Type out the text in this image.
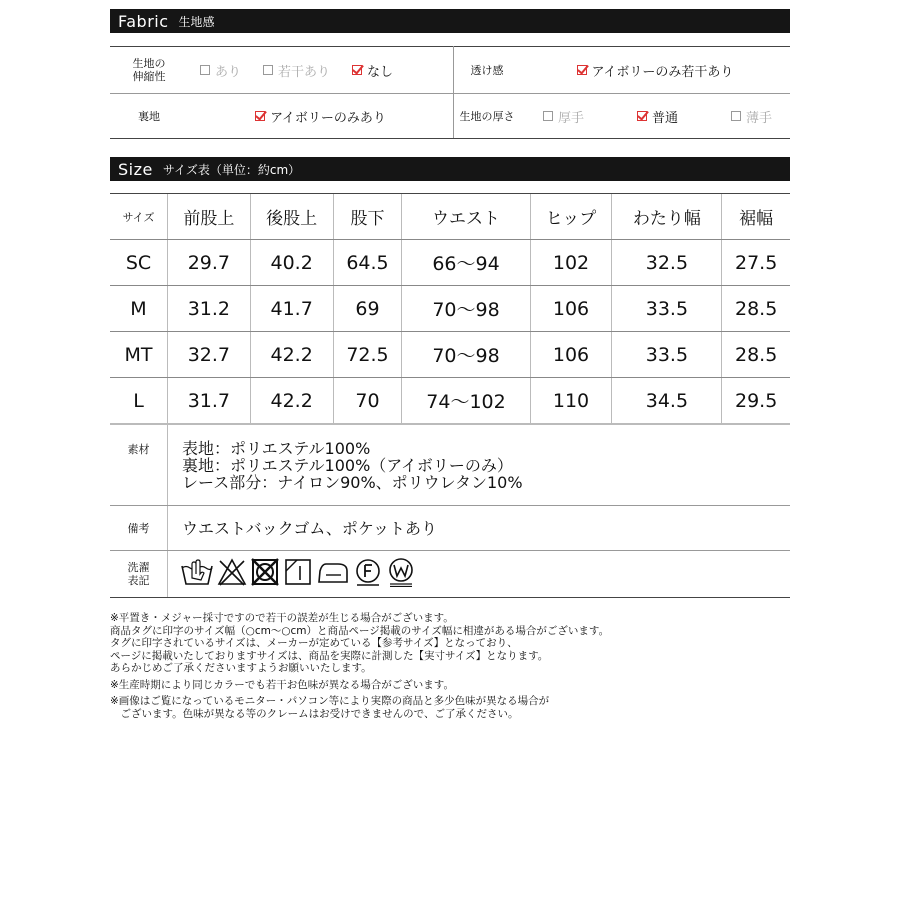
Fabric 生地感
生地の
伸縮性	あり	若干あり	なし	透け感	アイボリーのみ若干あり
裏地	アイボリーのみあり	生地の厚さ	厚手	普通	薄手
Size サイズ表（単位：約cm）
サイズ	前股上	後股上	股下	ウエスト	ヒップ	わたり幅	裾幅
SC	29.7	40.2	64.5	66〜94	102	32.5	27.5
M	31.2	41.7	69	70〜98	106	33.5	28.5
MT	32.7	42.2	72.5	70〜98	106	33.5	28.5
L	31.7	42.2	70	74〜102	110	34.5	29.5
素材	表地：ポリエステル100%
裏地：ポリエステル100%（アイボリーのみ）
レース部分：ナイロン90%、ポリウレタン10%
備考	ウエストバックゴム、ポケットあり
洗濯
表記
※平置き・メジャー採寸ですので若干の誤差が生じる場合がございます。
商品タグに印字のサイズ幅（○cm〜○cm）と商品ページ掲載のサイズ幅に相違がある場合がございます。
タグに印字されているサイズは、メーカーが定めている【参考サイズ】となっており、
ページに掲載いたしておりますサイズは、商品を実際に計測した【実寸サイズ】となります。
あらかじめご了承くださいますようお願いいたします。
※生産時期により同じカラーでも若干お色味が異なる場合がございます。
※画像はご覧になっているモニター・パソコン等により実際の商品と多少色味が異なる場合が
　ございます。色味が異なる等のクレームはお受けできませんので、ご了承ください。
